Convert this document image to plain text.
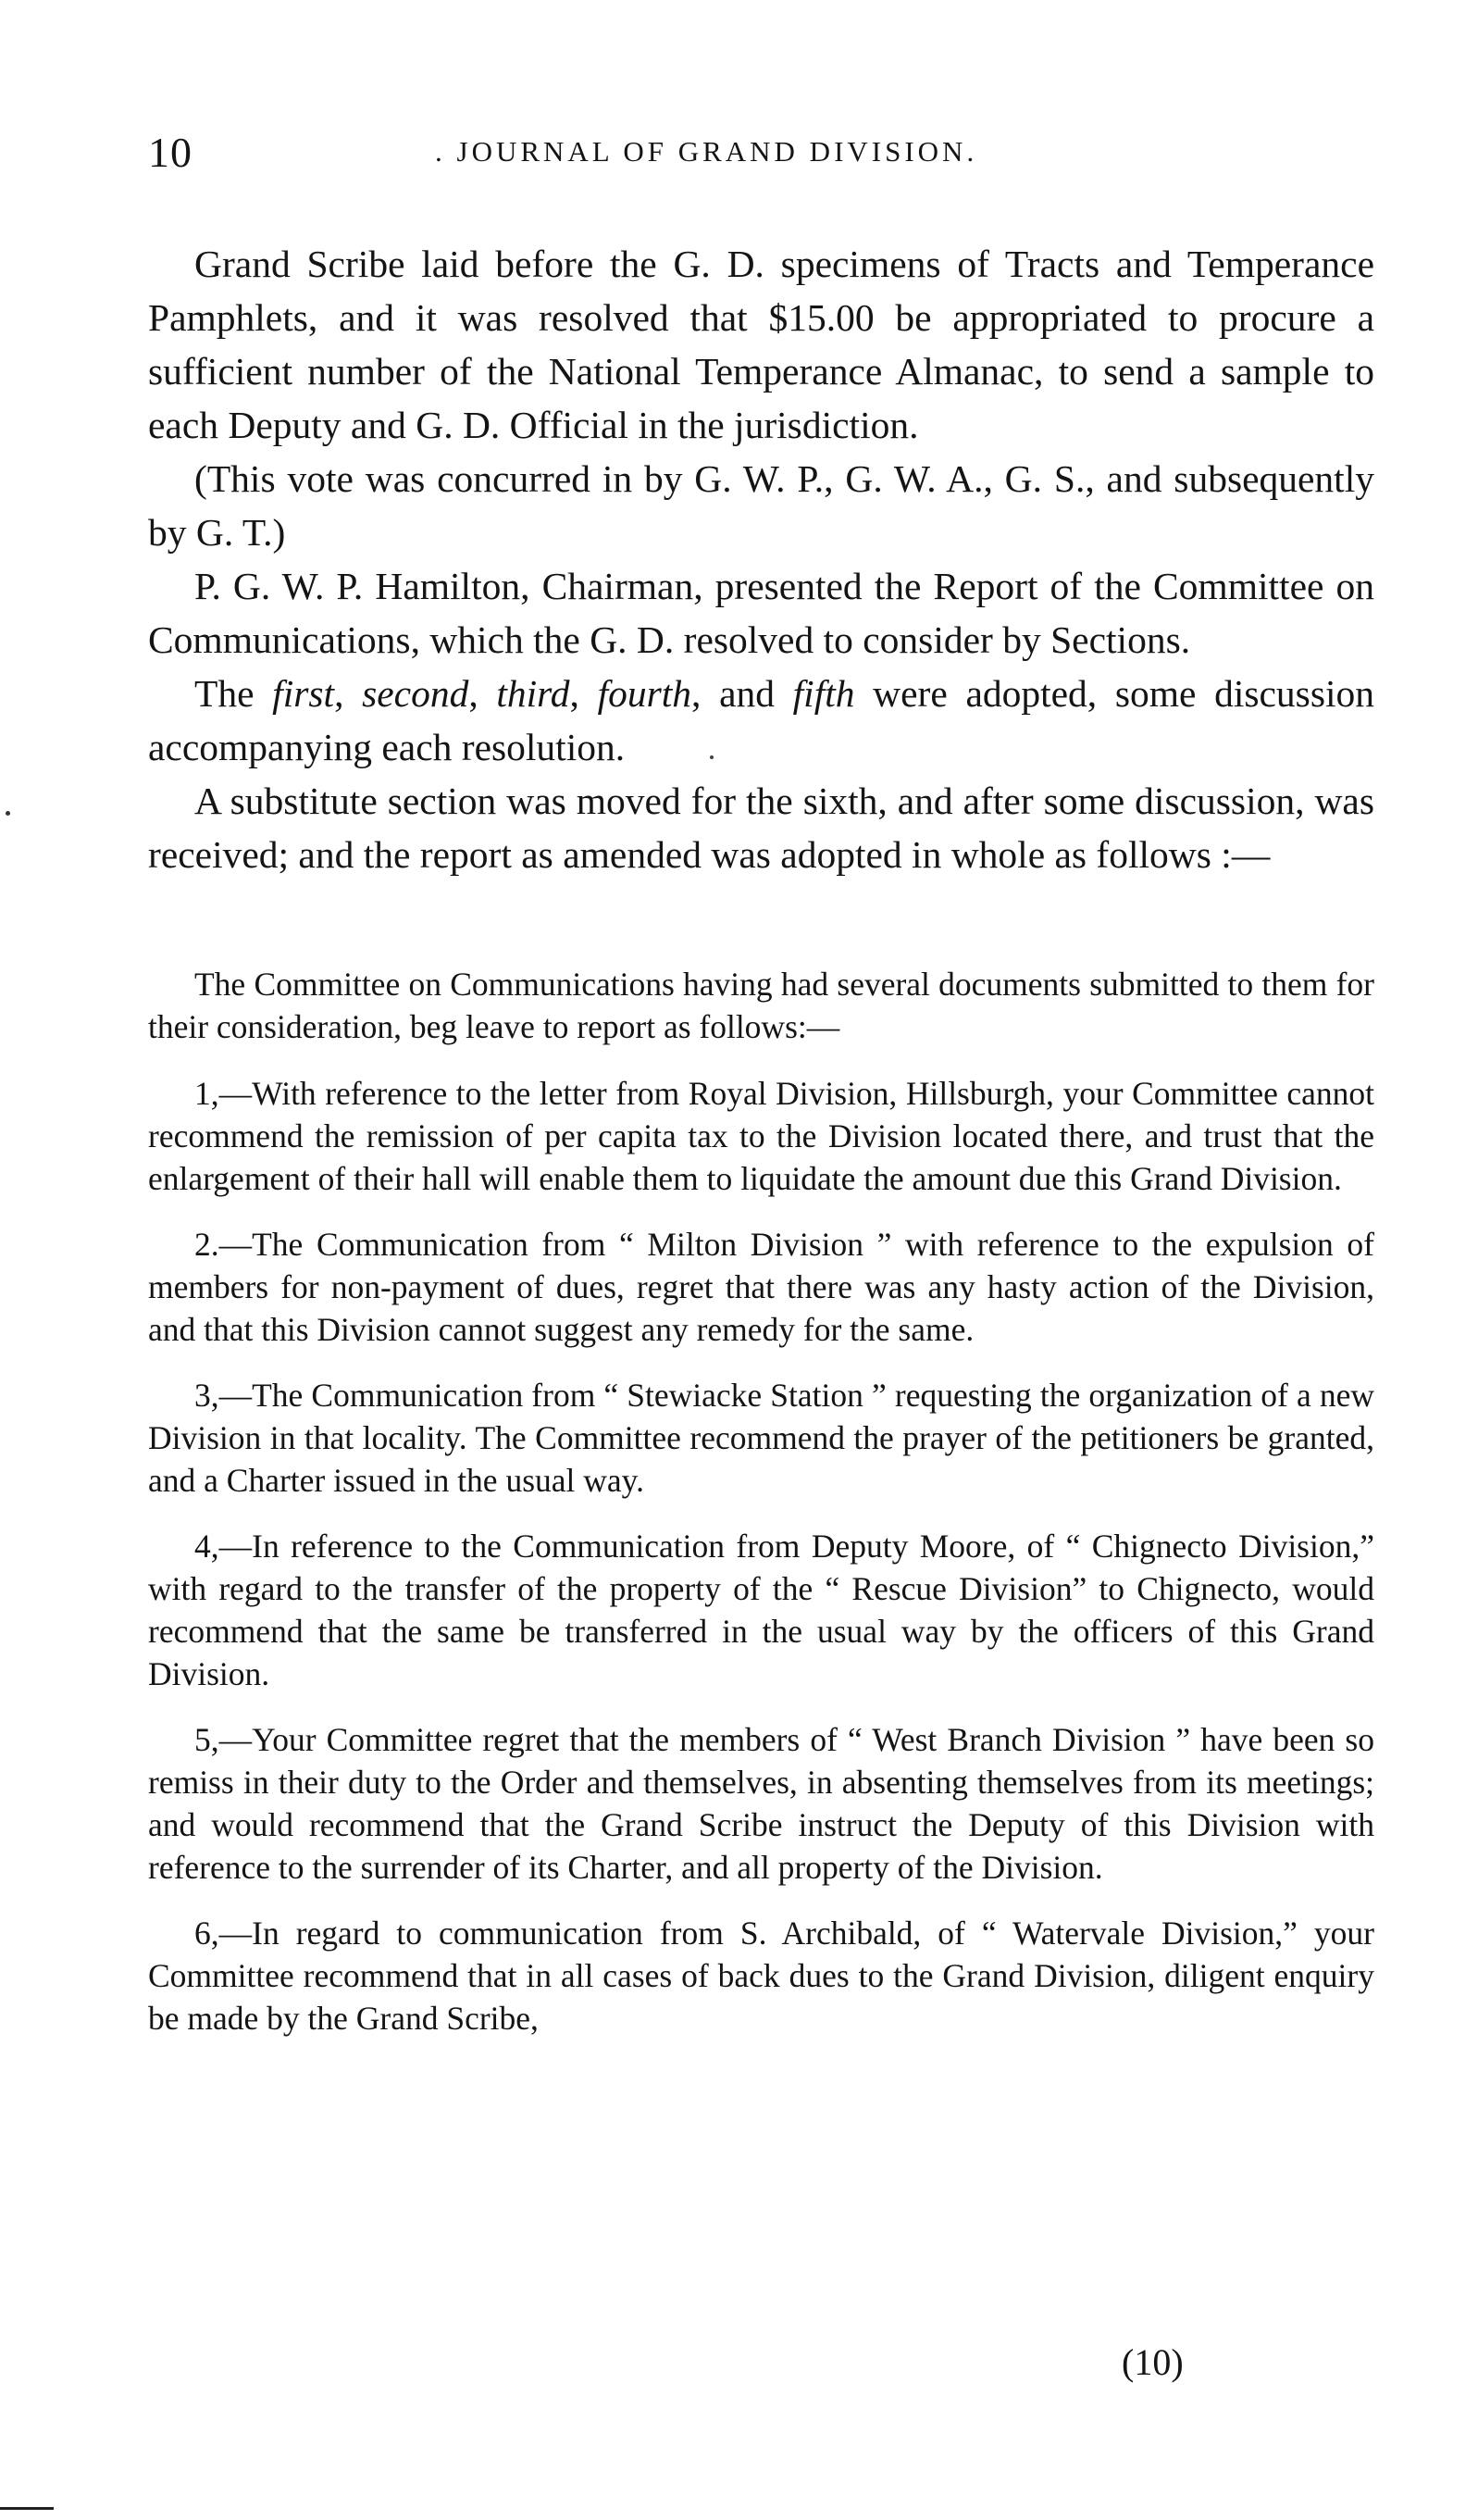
10	. JOURNAL OF GRAND DIVISION.

Grand Scribe laid before the G. D. specimens of Tracts and Temperance Pamphlets, and it was resolved that $15.00 be appropriated to procure a sufficient number of the National Temperance Almanac, to send a sample to each Deputy and G. D. Official in the jurisdiction.

(This vote was concurred in by G. W. P., G. W. A., G. S., and subsequently by G. T.)

P. G. W. P. Hamilton, Chairman, presented the Report of the Committee on Communications, which the G. D. resolved to consider by Sections.

The first, second, third, fourth, and fifth were adopted, some discussion accompanying each resolution.

A substitute section was moved for the sixth, and after some discussion, was received; and the report as amended was adopted in whole as follows :—

The Committee on Communications having had several documents submitted to them for their consideration, beg leave to report as follows:—

1,—With reference to the letter from Royal Division, Hillsburgh, your Committee cannot recommend the remission of per capita tax to the Division located there, and trust that the enlargement of their hall will enable them to liquidate the amount due this Grand Division.

2.—The Communication from “ Milton Division ” with reference to the expulsion of members for non-payment of dues, regret that there was any hasty action of the Division, and that this Division cannot suggest any remedy for the same.

3,—The Communication from “ Stewiacke Station ” requesting the organization of a new Division in that locality. The Committee recommend the prayer of the petitioners be granted, and a Charter issued in the usual way.

4,—In reference to the Communication from Deputy Moore, of “ Chignecto Division,” with regard to the transfer of the property of the “ Rescue Division” to Chignecto, would recommend that the same be transferred in the usual way by the officers of this Grand Division.

5,—Your Committee regret that the members of “ West Branch Division ” have been so remiss in their duty to the Order and themselves, in absenting themselves from its meetings; and would recommend that the Grand Scribe instruct the Deputy of this Division with reference to the surrender of its Charter, and all property of the Division.

6,—In regard to communication from S. Archibald, of “ Watervale Division,” your Committee recommend that in all cases of back dues to the Grand Division, diligent enquiry be made by the Grand Scribe,

(10)
